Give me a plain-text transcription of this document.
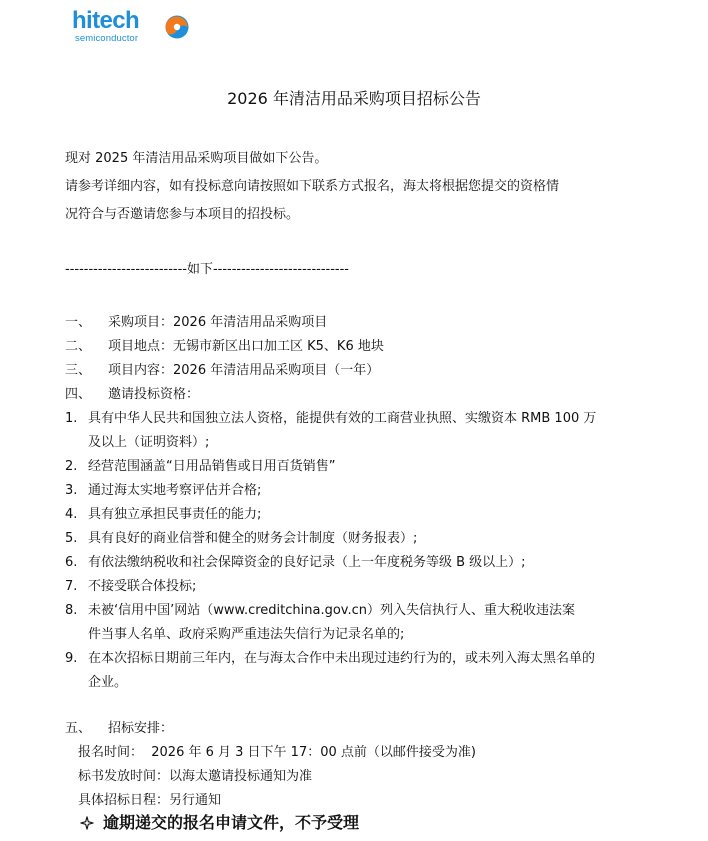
hitech
semiconductor
2026 年清洁用品采购项目招标公告
现对 2025 年清洁用品采购项目做如下公告。
请参考详细内容，如有投标意向请按照如下联系方式报名，海太将根据您提交的资格情
况符合与否邀请您参与本项目的招投标。
--------------------------如下-----------------------------
一、 采购项目：2026 年清洁用品采购项目
二、 项目地点：无锡市新区出口加工区 K5、K6 地块
三、 项目内容：2026 年清洁用品采购项目（一年）
四、 邀请投标资格：
1. 具有中华人民共和国独立法人资格，能提供有效的工商营业执照、实缴资本 RMB 100 万
及以上（证明资料）;
2. 经营范围涵盖“日用品销售或日用百货销售”
3. 通过海太实地考察评估并合格;
4. 具有独立承担民事责任的能力;
5. 具有良好的商业信誉和健全的财务会计制度（财务报表）;
6. 有依法缴纳税收和社会保障资金的良好记录（上一年度税务等级 B 级以上）;
7. 不接受联合体投标;
8. 未被‘信用中国’网站（www.creditchina.gov.cn）列入失信执行人、重大税收违法案
件当事人名单、政府采购严重违法失信行为记录名单的;
9. 在本次招标日期前三年内，在与海太合作中未出现过违约行为的，或未列入海太黑名单的
企业。
五、 招标安排：
报名时间：  2026 年 6 月 3 日下午 17：00 点前（以邮件接受为准)
标书发放时间：以海太邀请投标通知为准
具体招标日程：另行通知
逾期递交的报名申请文件，不予受理
